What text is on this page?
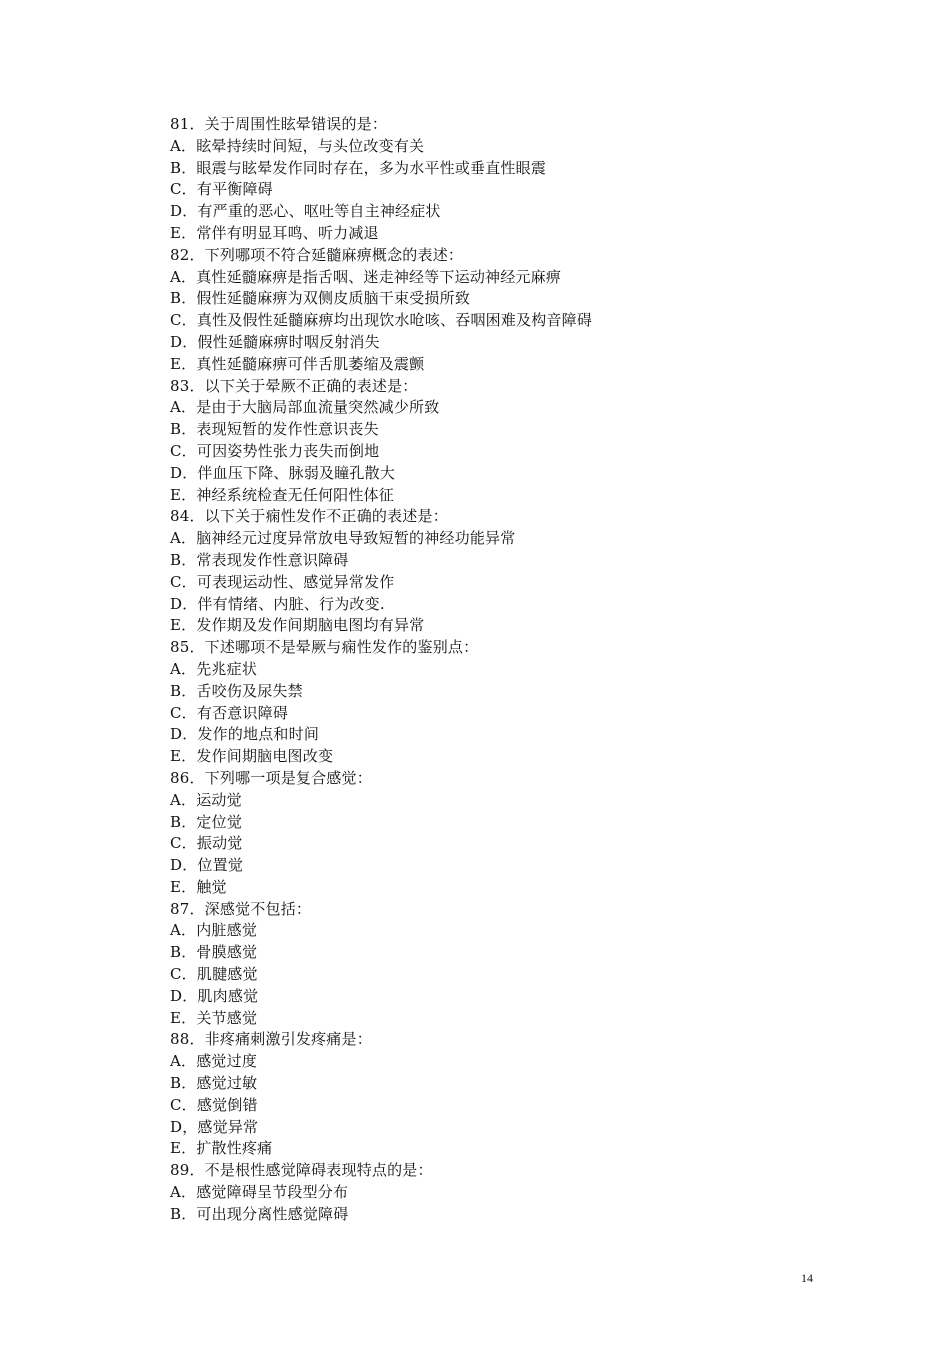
81．关于周围性眩晕错误的是：
A．眩晕持续时间短，与头位改变有关
B．眼震与眩晕发作同时存在，多为水平性或垂直性眼震
C．有平衡障碍
D．有严重的恶心、呕吐等自主神经症状
E．常伴有明显耳鸣、听力减退
82．下列哪项不符合延髓麻痹概念的表述：
A．真性延髓麻痹是指舌咽、迷走神经等下运动神经元麻痹
B．假性延髓麻痹为双侧皮质脑干束受损所致
C．真性及假性延髓麻痹均出现饮水呛咳、吞咽困难及构音障碍
D．假性延髓麻痹时咽反射消失
E．真性延髓麻痹可伴舌肌萎缩及震颤
83．以下关于晕厥不正确的表述是：
A．是由于大脑局部血流量突然减少所致
B．表现短暂的发作性意识丧失
C．可因姿势性张力丧失而倒地
D．伴血压下降、脉弱及瞳孔散大
E．神经系统检查无任何阳性体征
84．以下关于痫性发作不正确的表述是：
A．脑神经元过度异常放电导致短暂的神经功能异常
B．常表现发作性意识障碍
C．可表现运动性、感觉异常发作
D．伴有情绪、内脏、行为改变.
E．发作期及发作间期脑电图均有异常
85．下述哪项不是晕厥与痫性发作的鉴别点：
A．先兆症状
B．舌咬伤及尿失禁
C．有否意识障碍
D．发作的地点和时间
E．发作间期脑电图改变
86．下列哪一项是复合感觉：
A．运动觉
B．定位觉
C．振动觉
D．位置觉
E．触觉
87．深感觉不包括：
A．内脏感觉
B．骨膜感觉
C．肌腱感觉
D．肌肉感觉
E．关节感觉
88．非疼痛刺激引发疼痛是：
A．感觉过度
B．感觉过敏
C．感觉倒错
D，感觉异常
E．扩散性疼痛
89．不是根性感觉障碍表现特点的是：
A．感觉障碍呈节段型分布
B．可出现分离性感觉障碍
14
